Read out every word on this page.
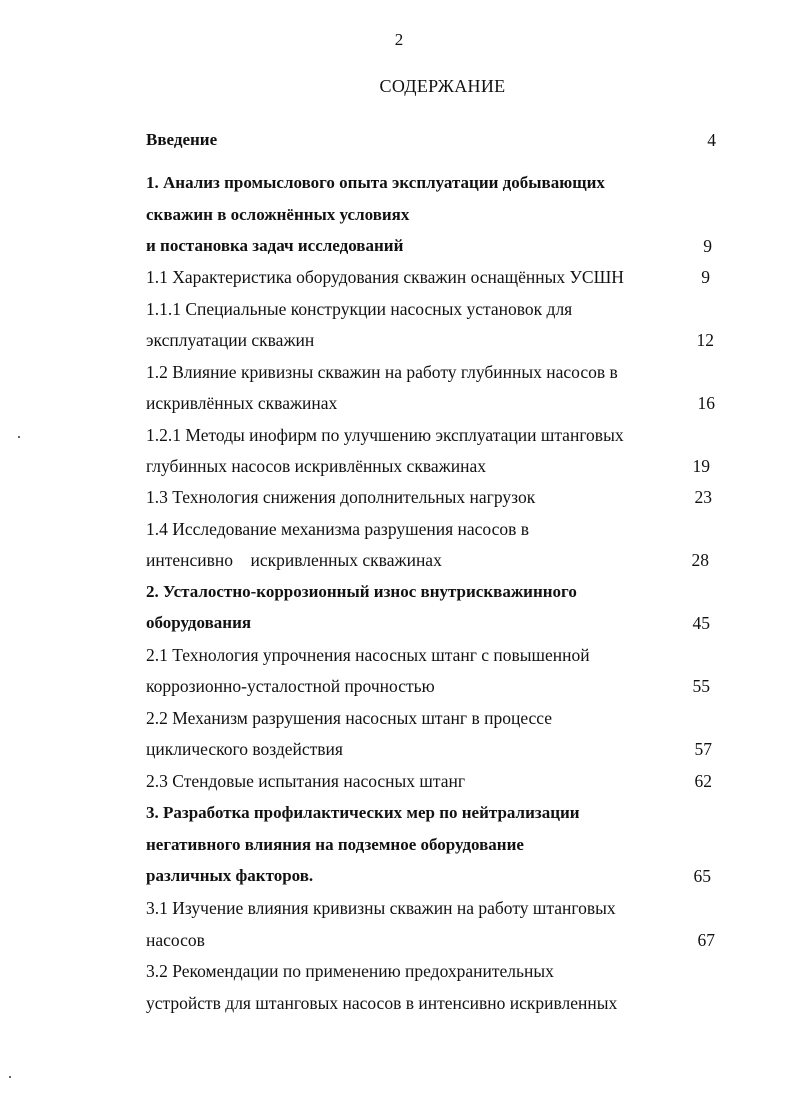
2
СОДЕРЖАНИЕ
Введение	4
1. Анализ промыслового опыта эксплуатации добывающих
скважин в осложнённых условиях
и постановка задач исследований	9
1.1 Характеристика оборудования скважин оснащённых УСШН	9
1.1.1 Специальные конструкции насосных установок для
эксплуатации скважин	12
1.2 Влияние кривизны скважин на работу глубинных насосов в
искривлённых скважинах	16
1.2.1 Методы инофирм по улучшению эксплуатации штанговых
глубинных насосов искривлённых скважинах	19
1.3 Технология снижения дополнительных нагрузок	23
1.4 Исследование механизма разрушения насосов в
интенсивно    искривленных скважинах	28
2. Усталостно-коррозионный износ внутрискважинного
оборудования	45
2.1 Технология упрочнения насосных штанг с повышенной
коррозионно-усталостной прочностью	55
2.2 Механизм разрушения насосных штанг в процессе
циклического воздействия	57
2.3 Стендовые испытания насосных штанг	62
3. Разработка профилактических мер по нейтрализации
негативного влияния на подземное оборудование
различных факторов.	65
3.1 Изучение влияния кривизны скважин на работу штанговых
насосов	67
3.2 Рекомендации по применению предохранительных
устройств для штанговых насосов в интенсивно искривленных
